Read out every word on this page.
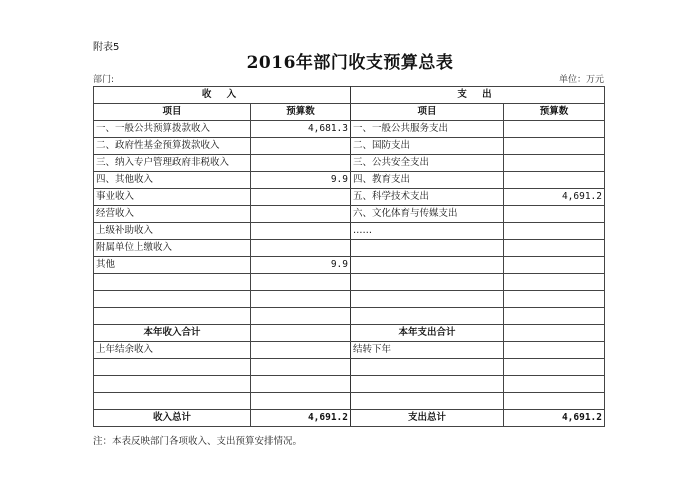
附表5
2016年部门收支预算总表
部门:	单位：万元
收 入		支 出	
项目	预算数	项目	预算数
一、一般公共预算拨款收入	4,681.3	一、一般公共服务支出	
二、政府性基金预算拨款收入		二、国防支出	
三、纳入专户管理政府非税收入		三、公共安全支出	
四、其他收入	9.9	四、教育支出	
事业收入		五、科学技术支出	4,691.2
经营收入		六、文化体育与传媒支出	
上级补助收入		……	
附属单位上缴收入			
其他	9.9		

本年收入合计		本年支出合计	
上年结余收入		结转下年	

收入总计	4,691.2	支出总计	4,691.2
注：本表反映部门各项收入、支出预算安排情况。
